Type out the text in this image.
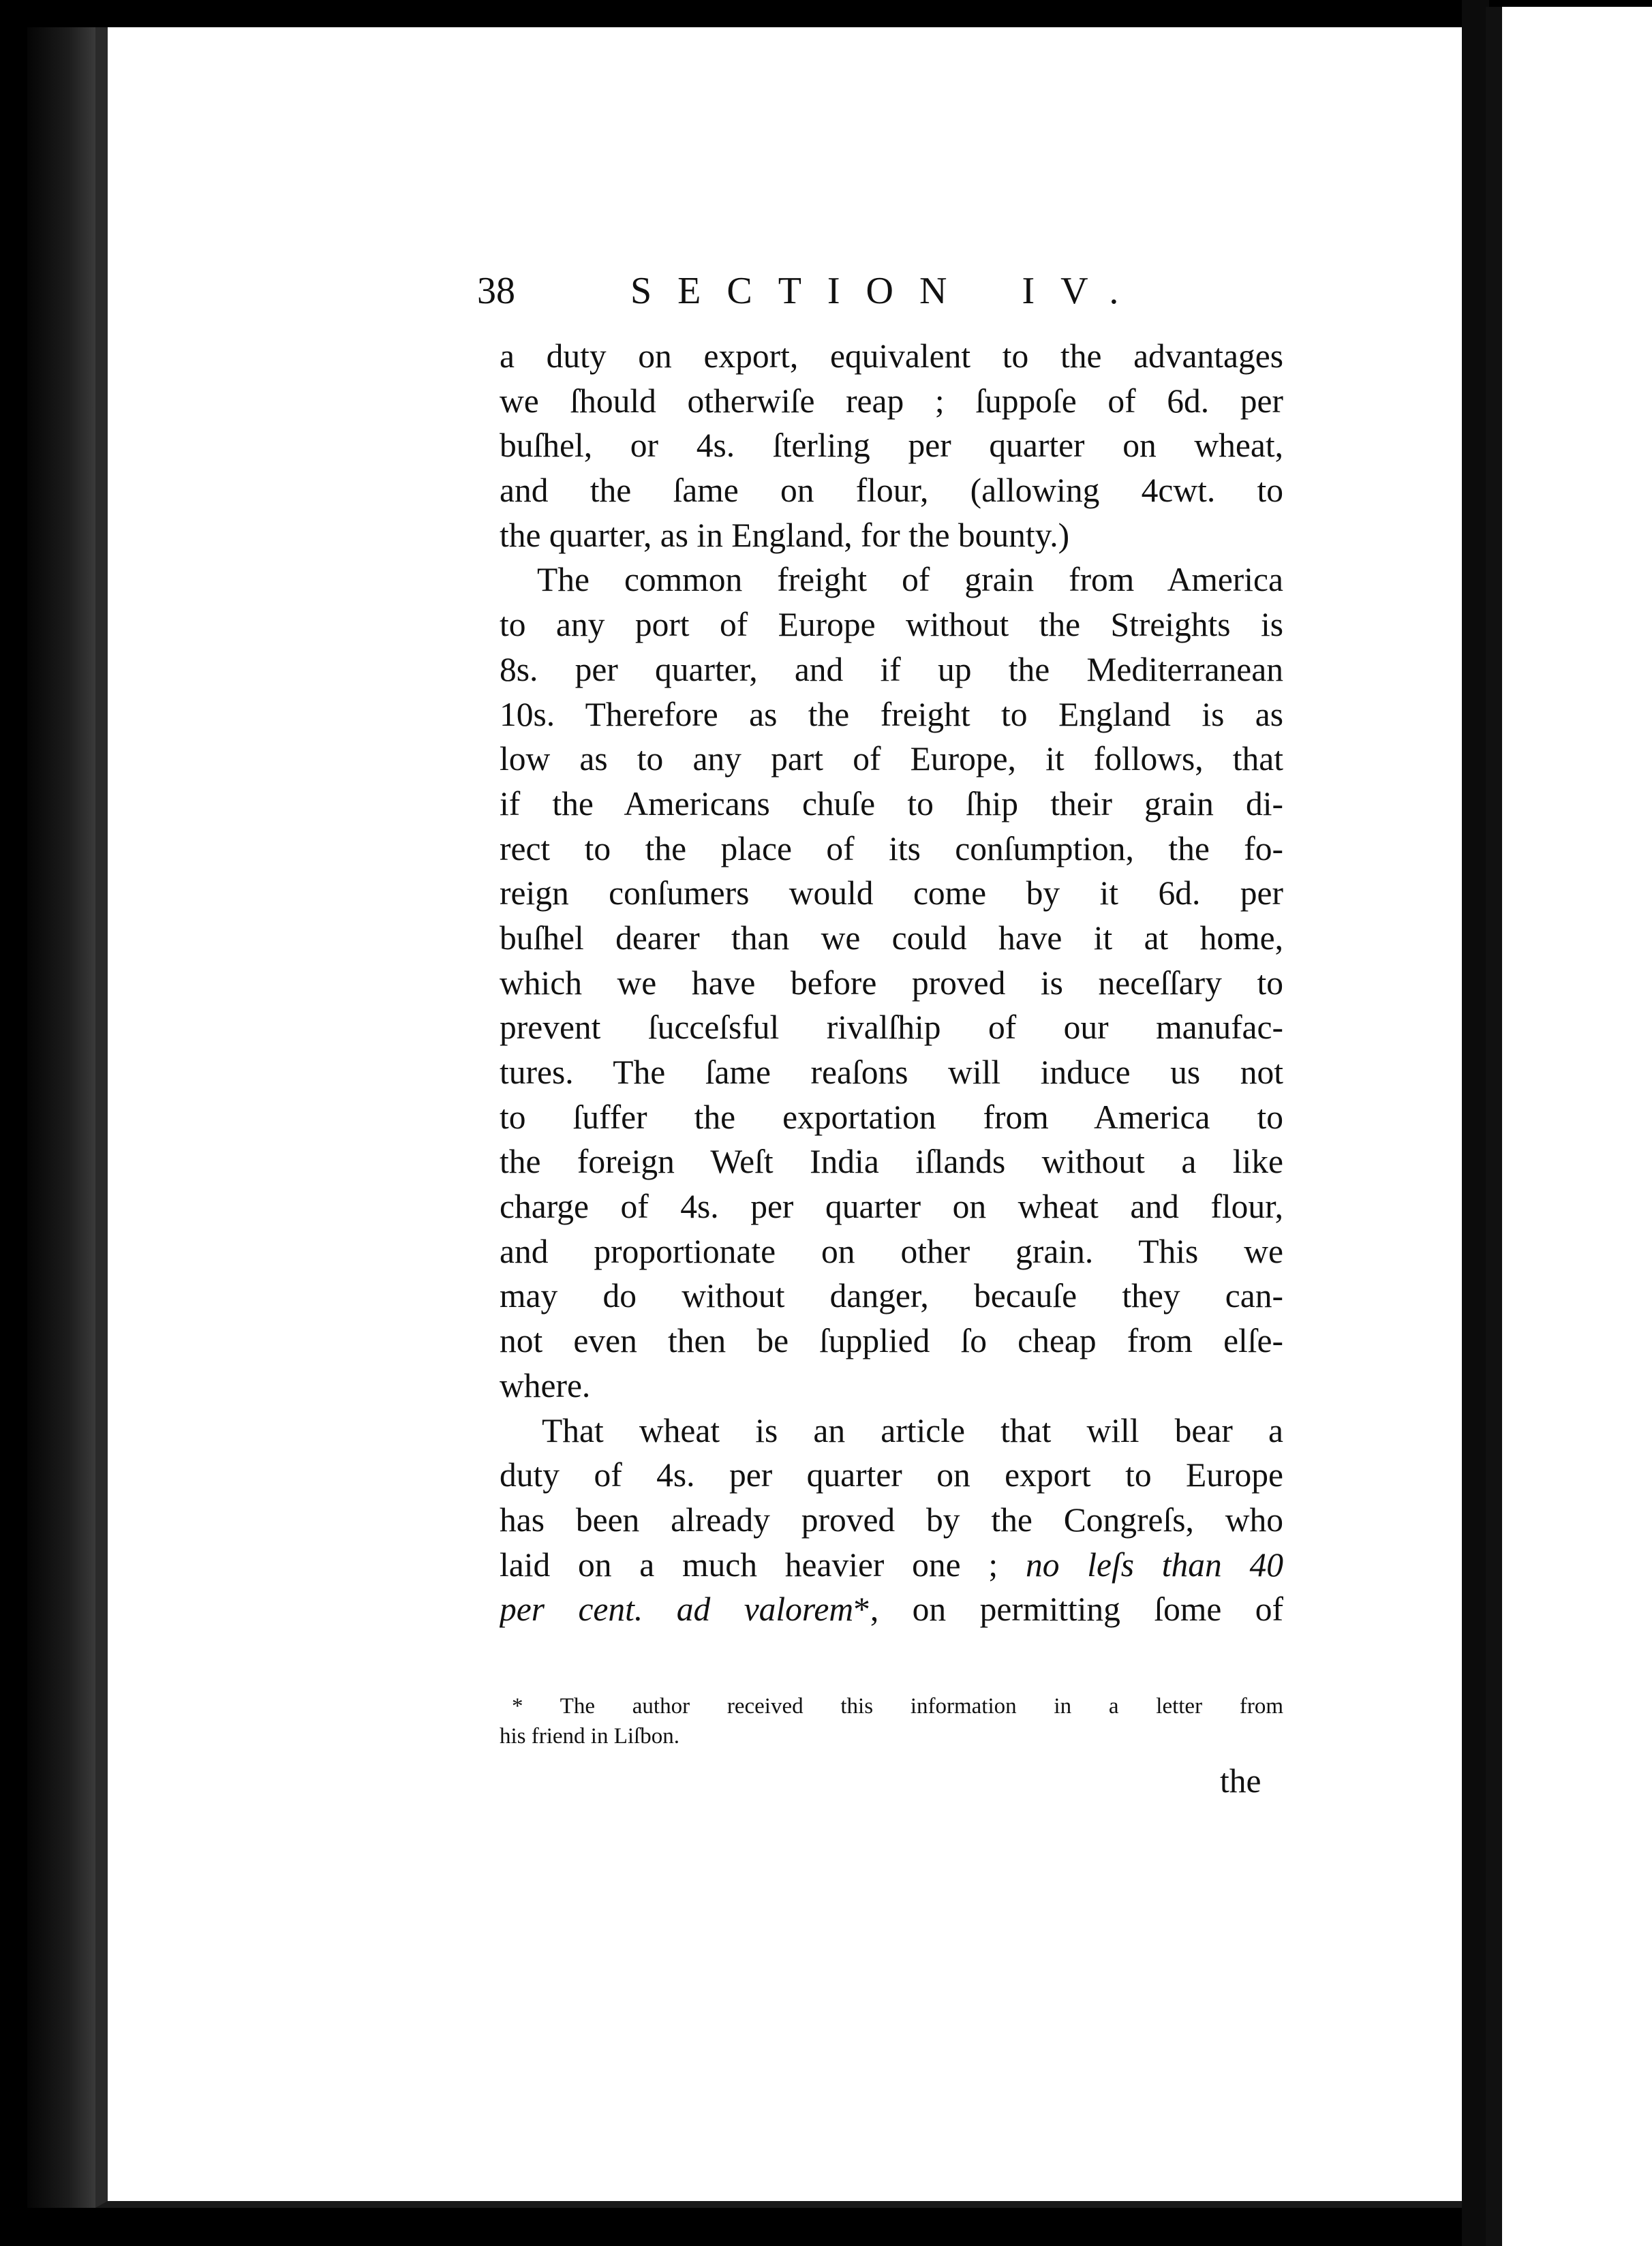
38	SECTION IV.
a duty on export, equivalent to the advantages
we ſhould otherwiſe reap ; ſuppoſe of 6d. per
buſhel, or 4s. ſterling per quarter on wheat,
and the ſame on flour, (allowing 4cwt. to
the quarter, as in England, for the bounty.)
The common freight of grain from America
to any port of Europe without the Streights is
8s. per quarter, and if up the Mediterranean
10s. Therefore as the freight to England is as
low as to any part of Europe, it follows, that
if the Americans chuſe to ſhip their grain di-
rect to the place of its conſumption, the fo-
reign conſumers would come by it 6d. per
buſhel dearer than we could have it at home,
which we have before proved is neceſſary to
prevent ſucceſsful rivalſhip of our manufac-
tures. The ſame reaſons will induce us not
to ſuffer the exportation from America to
the foreign Weſt India iſlands without a like
charge of 4s. per quarter on wheat and flour,
and proportionate on other grain. This we
may do without danger, becauſe they can-
not even then be ſupplied ſo cheap from elſe-
where.
That wheat is an article that will bear a
duty of 4s. per quarter on export to Europe
has been already proved by the Congreſs, who
laid on a much heavier one ; no leſs than 40
per cent. ad valorem*, on permitting ſome of
* The author received this information in a letter from
his friend in Liſbon.
the
